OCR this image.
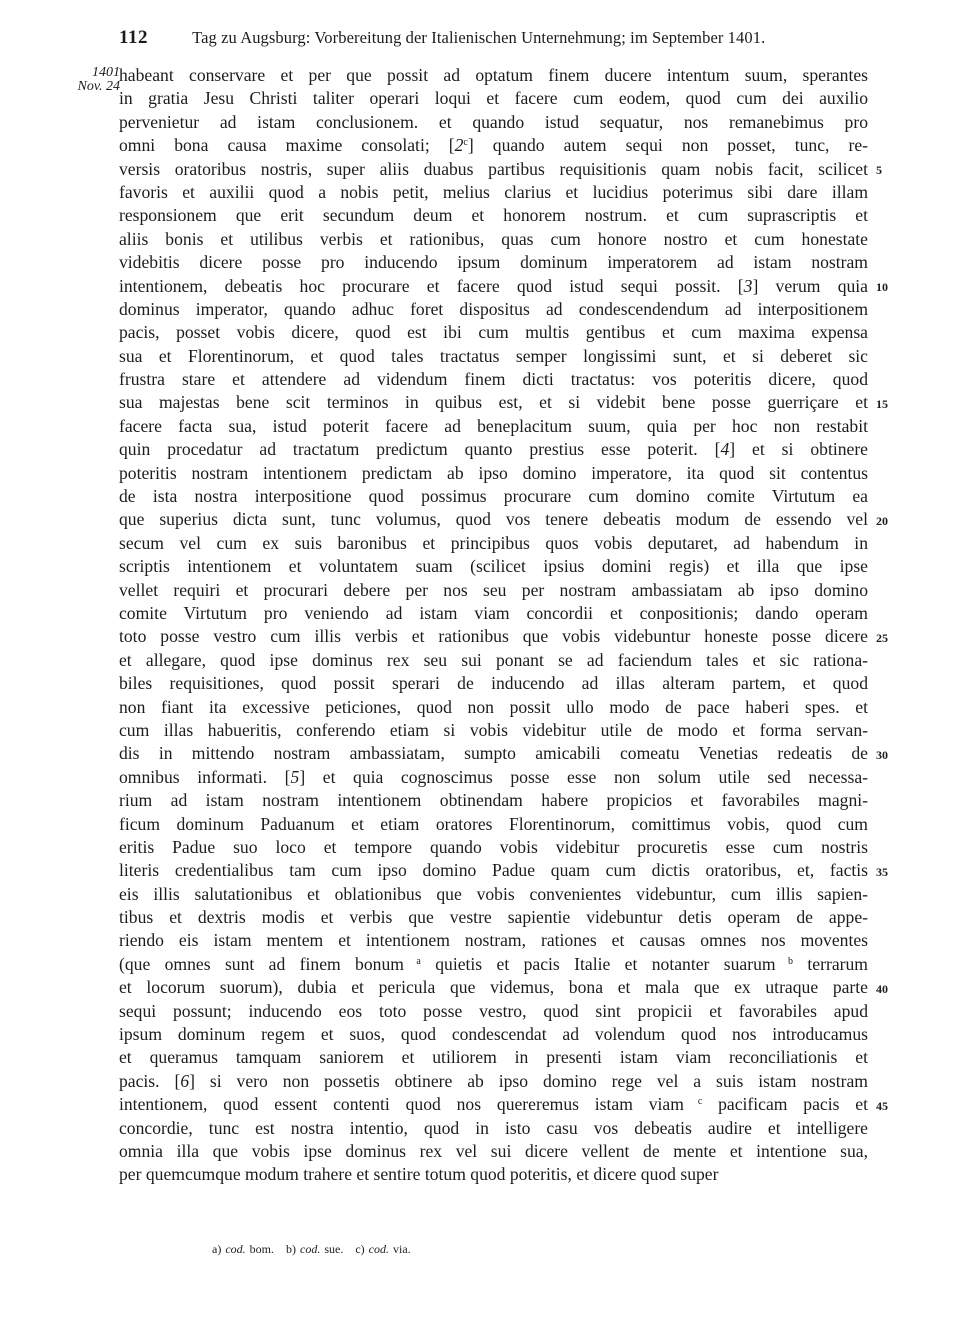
112	Tag zu Augsburg: Vorbereitung der Italienischen Unternehmung; im September 1401.
1401
Nov. 24
habeant conservare et per que possit ad optatum finem ducere intentum suum, sperantes
in gratia Jesu Christi taliter operari loqui et facere cum eodem, quod cum dei auxilio
pervenietur ad istam conclusionem. et quando istud sequatur, nos remanebimus pro
omni bona causa maxime consolati; [2$^c$] quando autem sequi non posset, tunc, re-
versis oratoribus nostris, super aliis duabus partibus requisitionis quam nobis facit, scilicet
favoris et auxilii quod a nobis petit, melius clarius et lucidius poterimus sibi dare illam
responsionem que erit secundum deum et honorem nostrum. et cum suprascriptis et
aliis bonis et utilibus verbis et rationibus, quas cum honore nostro et cum honestate
videbitis dicere posse pro inducendo ipsum dominum imperatorem ad istam nostram
intentionem, debeatis hoc procurare et facere quod istud sequi possit. [3] verum quia
dominus imperator, quando adhuc foret dispositus ad condescendendum ad interpositionem
pacis, posset vobis dicere, quod est ibi cum multis gentibus et cum maxima expensa
sua et Florentinorum, et quod tales tractatus semper longissimi sunt, et si deberet sic
frustra stare et attendere ad videndum finem dicti tractatus: vos poteritis dicere, quod
sua majestas bene scit terminos in quibus est, et si videbit bene posse guerriçare et
facere facta sua, istud poterit facere ad beneplacitum suum, quia per hoc non restabit
quin procedatur ad tractatum predictum quanto prestius esse poterit. [4] et si obtinere
poteritis nostram intentionem predictam ab ipso domino imperatore, ita quod sit contentus
de ista nostra interpositione quod possimus procurare cum domino comite Virtutum ea
que superius dicta sunt, tunc volumus, quod vos tenere debeatis modum de essendo vel
secum vel cum ex suis baronibus et principibus quos vobis deputaret, ad habendum in
scriptis intentionem et voluntatem suam (scilicet ipsius domini regis) et illa que ipse
vellet requiri et procurari debere per nos seu per nostram ambassiatam ab ipso domino
comite Virtutum pro veniendo ad istam viam concordii et conpositionis; dando operam
toto posse vestro cum illis verbis et rationibus que vobis videbuntur honeste posse dicere
et allegare, quod ipse dominus rex seu sui ponant se ad faciendum tales et sic rationa-
biles requisitiones, quod possit sperari de inducendo ad illas alteram partem, et quod
non fiant ita excessive peticiones, quod non possit ullo modo de pace haberi spes. et
cum illas habueritis, conferendo etiam si vobis videbitur utile de modo et forma servan-
dis in mittendo nostram ambassiatam, sumpto amicabili comeatu Venetias redeatis de
omnibus informati. [5] et quia cognoscimus posse esse non solum utile sed necessa-
rium ad istam nostram intentionem obtinendam habere propicios et favorabiles magni-
ficum dominum Paduanum et etiam oratores Florentinorum, comittimus vobis, quod cum
eritis Padue suo loco et tempore quando vobis videbitur procuretis esse cum nostris
literis credentialibus tam cum ipso domino Padue quam cum dictis oratoribus, et, factis
eis illis salutationibus et oblationibus que vobis convenientes videbuntur, cum illis sapien-
tibus et dextris modis et verbis que vestre sapientie videbuntur detis operam de appe-
riendo eis istam mentem et intentionem nostram, rationes et causas omnes nos moventes
(que omnes sunt ad finem bonum $^a$ quietis et pacis Italie et notanter suarum $^b$ terrarum
et locorum suorum), dubia et pericula que videmus, bona et mala que ex utraque parte
sequi possunt; inducendo eos toto posse vestro, quod sint propicii et favorabiles apud
ipsum dominum regem et suos, quod condescendat ad volendum quod nos introducamus
et queramus tamquam saniorem et utiliorem in presenti istam viam reconciliationis et
pacis. [6] si vero non possetis obtinere ab ipso domino rege vel a suis istam nostram
intentionem, quod essent contenti quod nos quereremus istam viam $^c$ pacificam pacis et
concordie, tunc est nostra intentio, quod in isto casu vos debeatis audire et intelligere
omnia illa que vobis ipse dominus rex vel sui dicere vellent de mente et intentione sua,
per quemcumque modum trahere et sentire totum quod poteritis, et dicere quod super
5
10
15
20
25
30
35
40
45
a) cod. bom. b) cod. sue. c) cod. via.
